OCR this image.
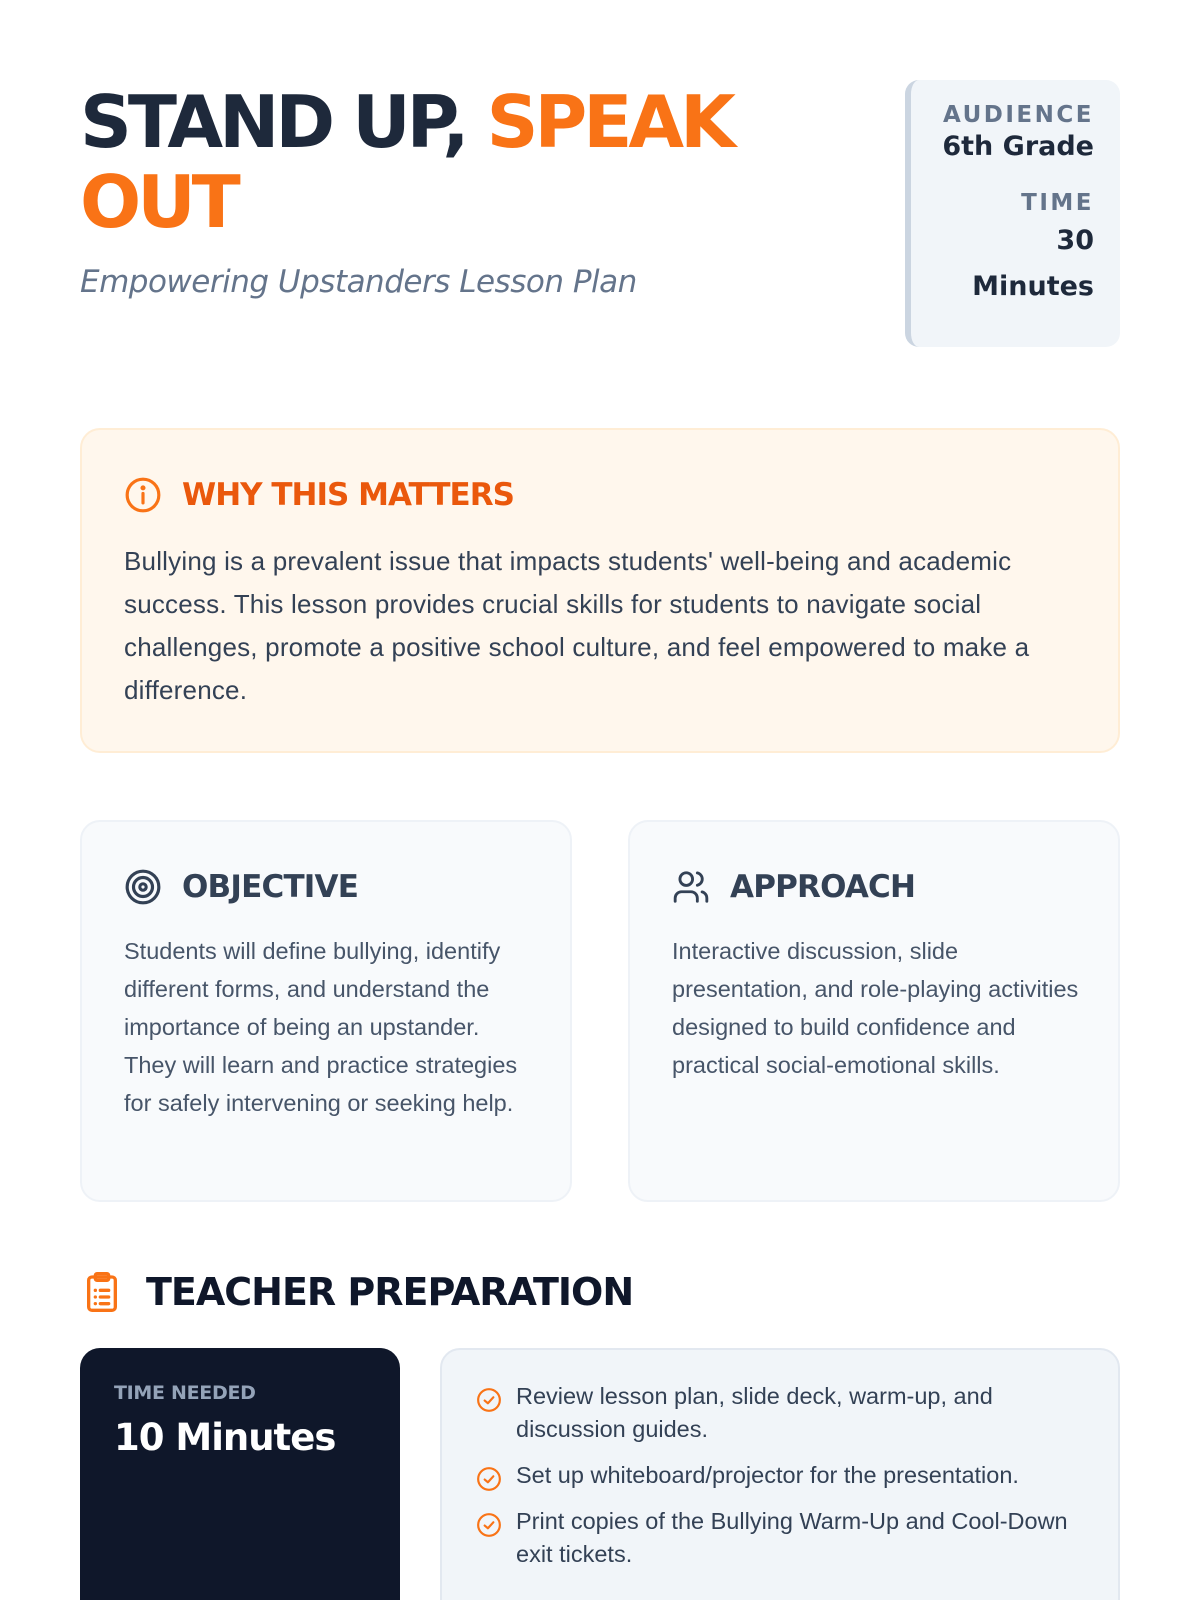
STAND UP, SPEAK
OUT
Empowering Upstanders Lesson Plan
AUDIENCE
6th Grade
TIME
30
Minutes
WHY THIS MATTERS

Bullying is a prevalent issue that impacts students' well-being and academic success. This lesson provides crucial skills for students to navigate social challenges, promote a positive school culture, and feel empowered to make a difference.

OBJECTIVE

Students will define bullying, identify different forms, and understand the importance of being an upstander. They will learn and practice strategies for safely intervening or seeking help.

APPROACH

Interactive discussion, slide presentation, and role-playing activities designed to build confidence and practical social-emotional skills.

TEACHER PREPARATION
TIME NEEDED
10 Minutes
Review lesson plan, slide deck, warm-up, and discussion guides.
Set up whiteboard/projector for the presentation.
Print copies of the Bullying Warm-Up and Cool-Down exit tickets.
